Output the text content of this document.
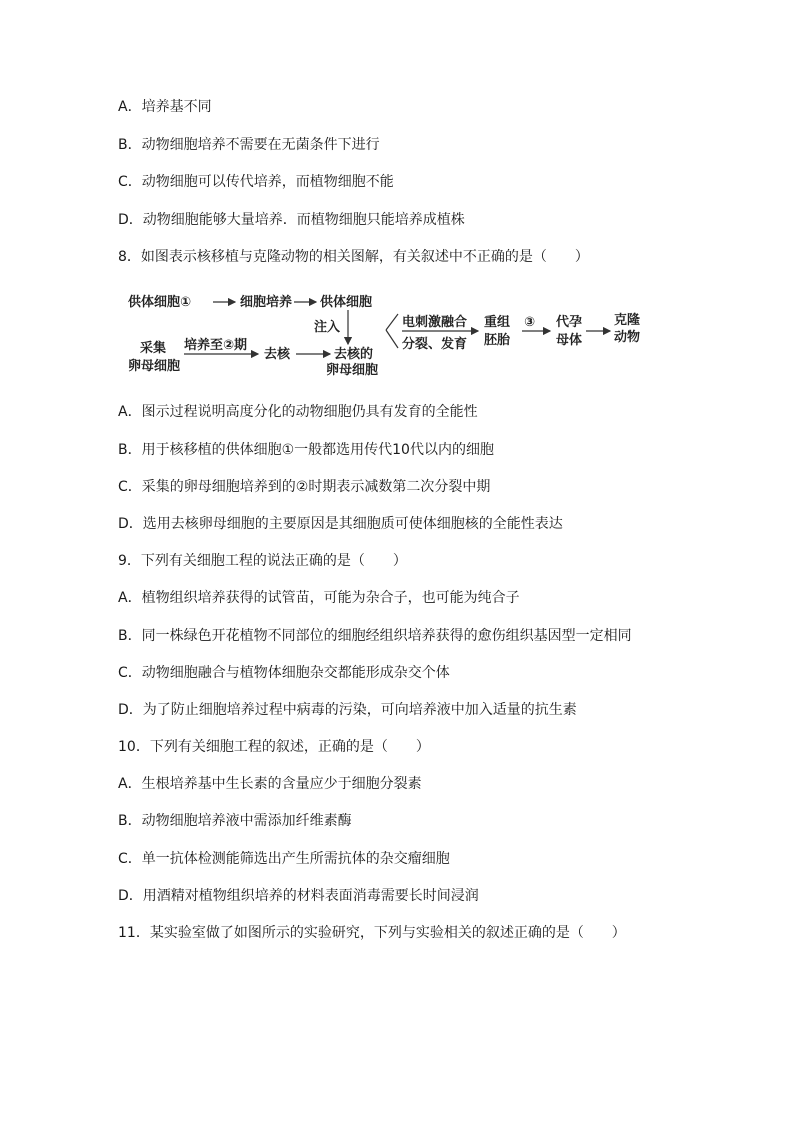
A．培养基不同
B．动物细胞培养不需要在无菌条件下进行
C．动物细胞可以传代培养，而植物细胞不能
D．动物细胞能够大量培养．而植物细胞只能培养成植株
8．如图表示核移植与克隆动物的相关图解，有关叙述中不正确的是（　　）
供体细胞①	细胞培养 供体细胞
注入
采集
卵母细胞
培养至②期
去核	去核的
卵母细胞
电刺激融合
分裂、发育
重组
胚胎
③ 代孕
母体
克隆
动物
A．图示过程说明高度分化的动物细胞仍具有发育的全能性
B．用于核移植的供体细胞①一般都选用传代10代以内的细胞
C．采集的卵母细胞培养到的②时期表示减数第二次分裂中期
D．选用去核卵母细胞的主要原因是其细胞质可使体细胞核的全能性表达
9．下列有关细胞工程的说法正确的是（　　）
A．植物组织培养获得的试管苗，可能为杂合子，也可能为纯合子
B．同一株绿色开花植物不同部位的细胞经组织培养获得的愈伤组织基因型一定相同
C．动物细胞融合与植物体细胞杂交都能形成杂交个体
D．为了防止细胞培养过程中病毒的污染，可向培养液中加入适量的抗生素
10．下列有关细胞工程的叙述，正确的是（　　）
A．生根培养基中生长素的含量应少于细胞分裂素
B．动物细胞培养液中需添加纤维素酶
C．单一抗体检测能筛选出产生所需抗体的杂交瘤细胞
D．用酒精对植物组织培养的材料表面消毒需要长时间浸润
11．某实验室做了如图所示的实验研究，下列与实验相关的叙述正确的是（　　）
